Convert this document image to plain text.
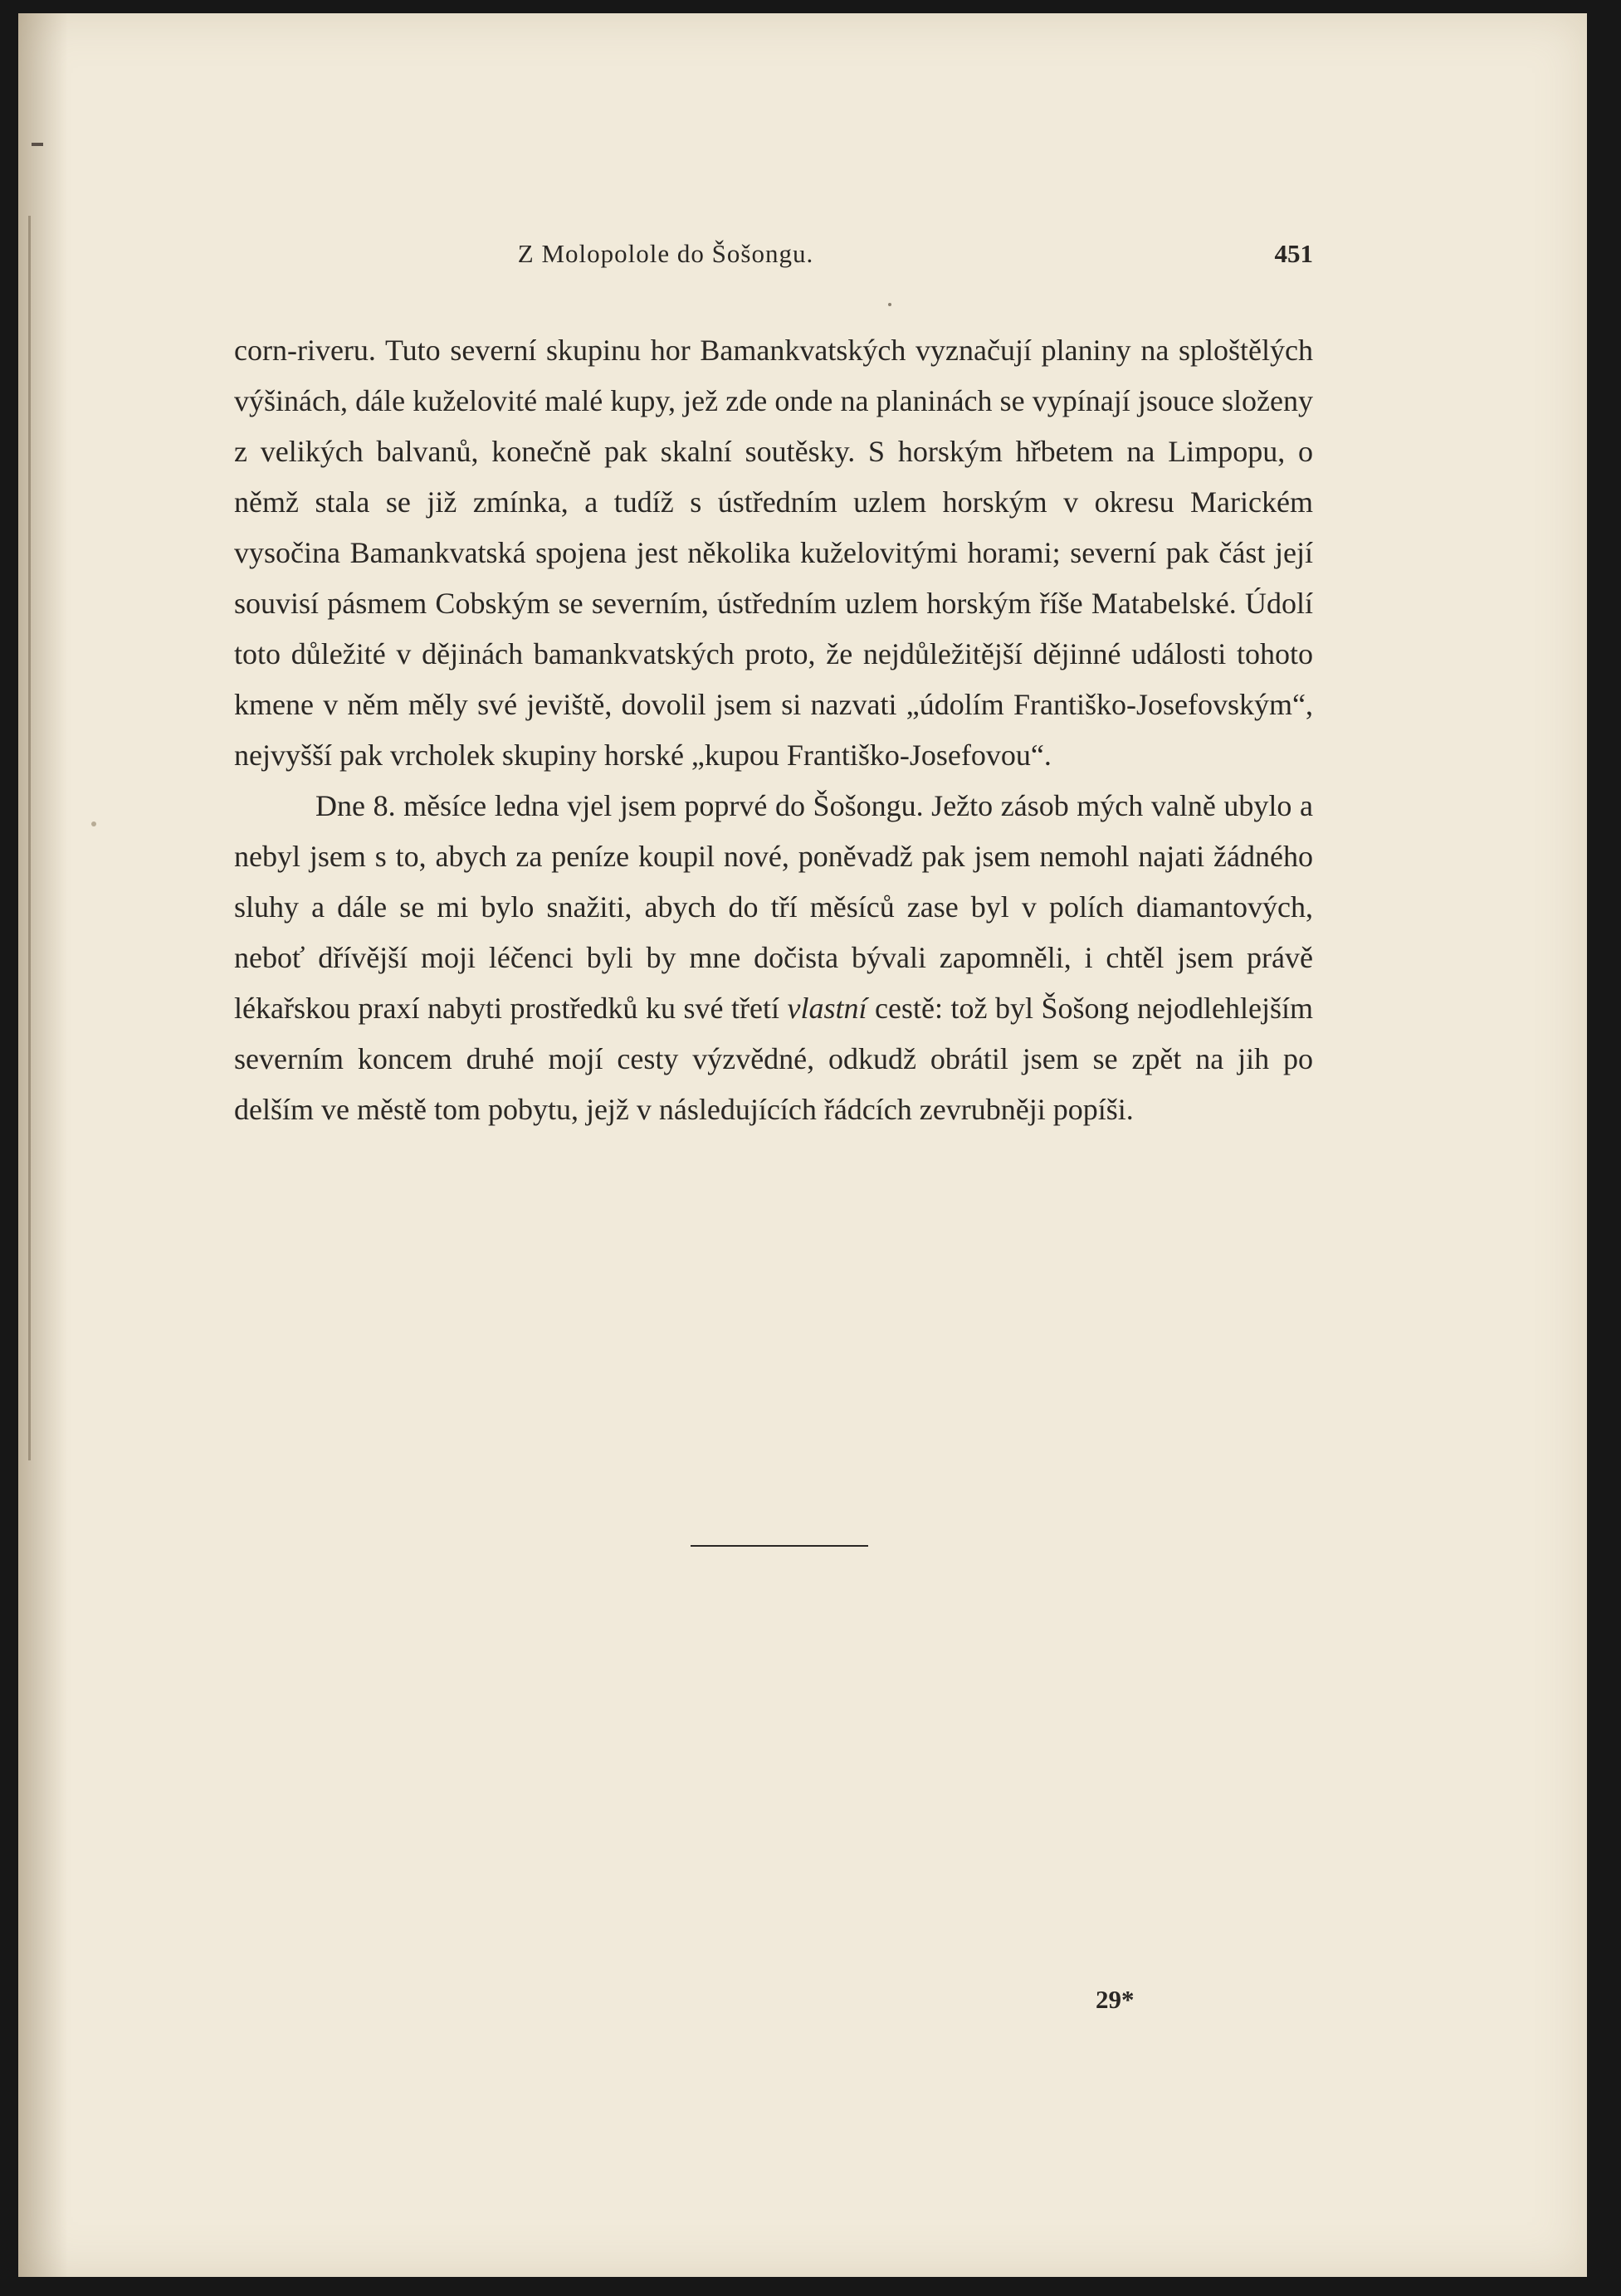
Z Molopolole do Šošongu.	451

corn-riveru. Tuto severní skupinu hor Bamankvatských vyznačují planiny na sploštělých výšinách, dále kuželovité malé kupy, jež zde onde na planinách se vypínají jsouce složeny z velikých balvanů, konečně pak skalní soutěsky. S horským hřbetem na Limpopu, o němž stala se již zmínka, a tudíž s ústředním uzlem horským v okresu Marickém vysočina Bamankvatská spojena jest několika kuželovitými horami; severní pak část její souvisí pásmem Cobským se severním, ústředním uzlem horským říše Matabelské. Údolí toto důležité v dějinách bamankvatských proto, že nejdůležitější dějinné události tohoto kmene v něm měly své jeviště, dovolil jsem si nazvati „údolím Františko-Josefovským“, nejvyšší pak vrcholek skupiny horské „kupou Františko-Josefovou“.

Dne 8. měsíce ledna vjel jsem poprvé do Šošongu. Ježto zásob mých valně ubylo a nebyl jsem s to, abych za peníze koupil nové, poněvadž pak jsem nemohl najati žádného sluhy a dále se mi bylo snažiti, abych do tří měsíců zase byl v polích diamantových, neboť dřívější moji léčenci byli by mne dočista bývali zapomněli, i chtěl jsem právě lékařskou praxí nabyti prostředků ku své třetí vlastní cestě: tož byl Šošong nejodlehlejším severním koncem druhé mojí cesty výzvědné, odkudž obrátil jsem se zpět na jih po delším ve městě tom pobytu, jejž v následujících řádcích zevrubněji popíši.

29*
